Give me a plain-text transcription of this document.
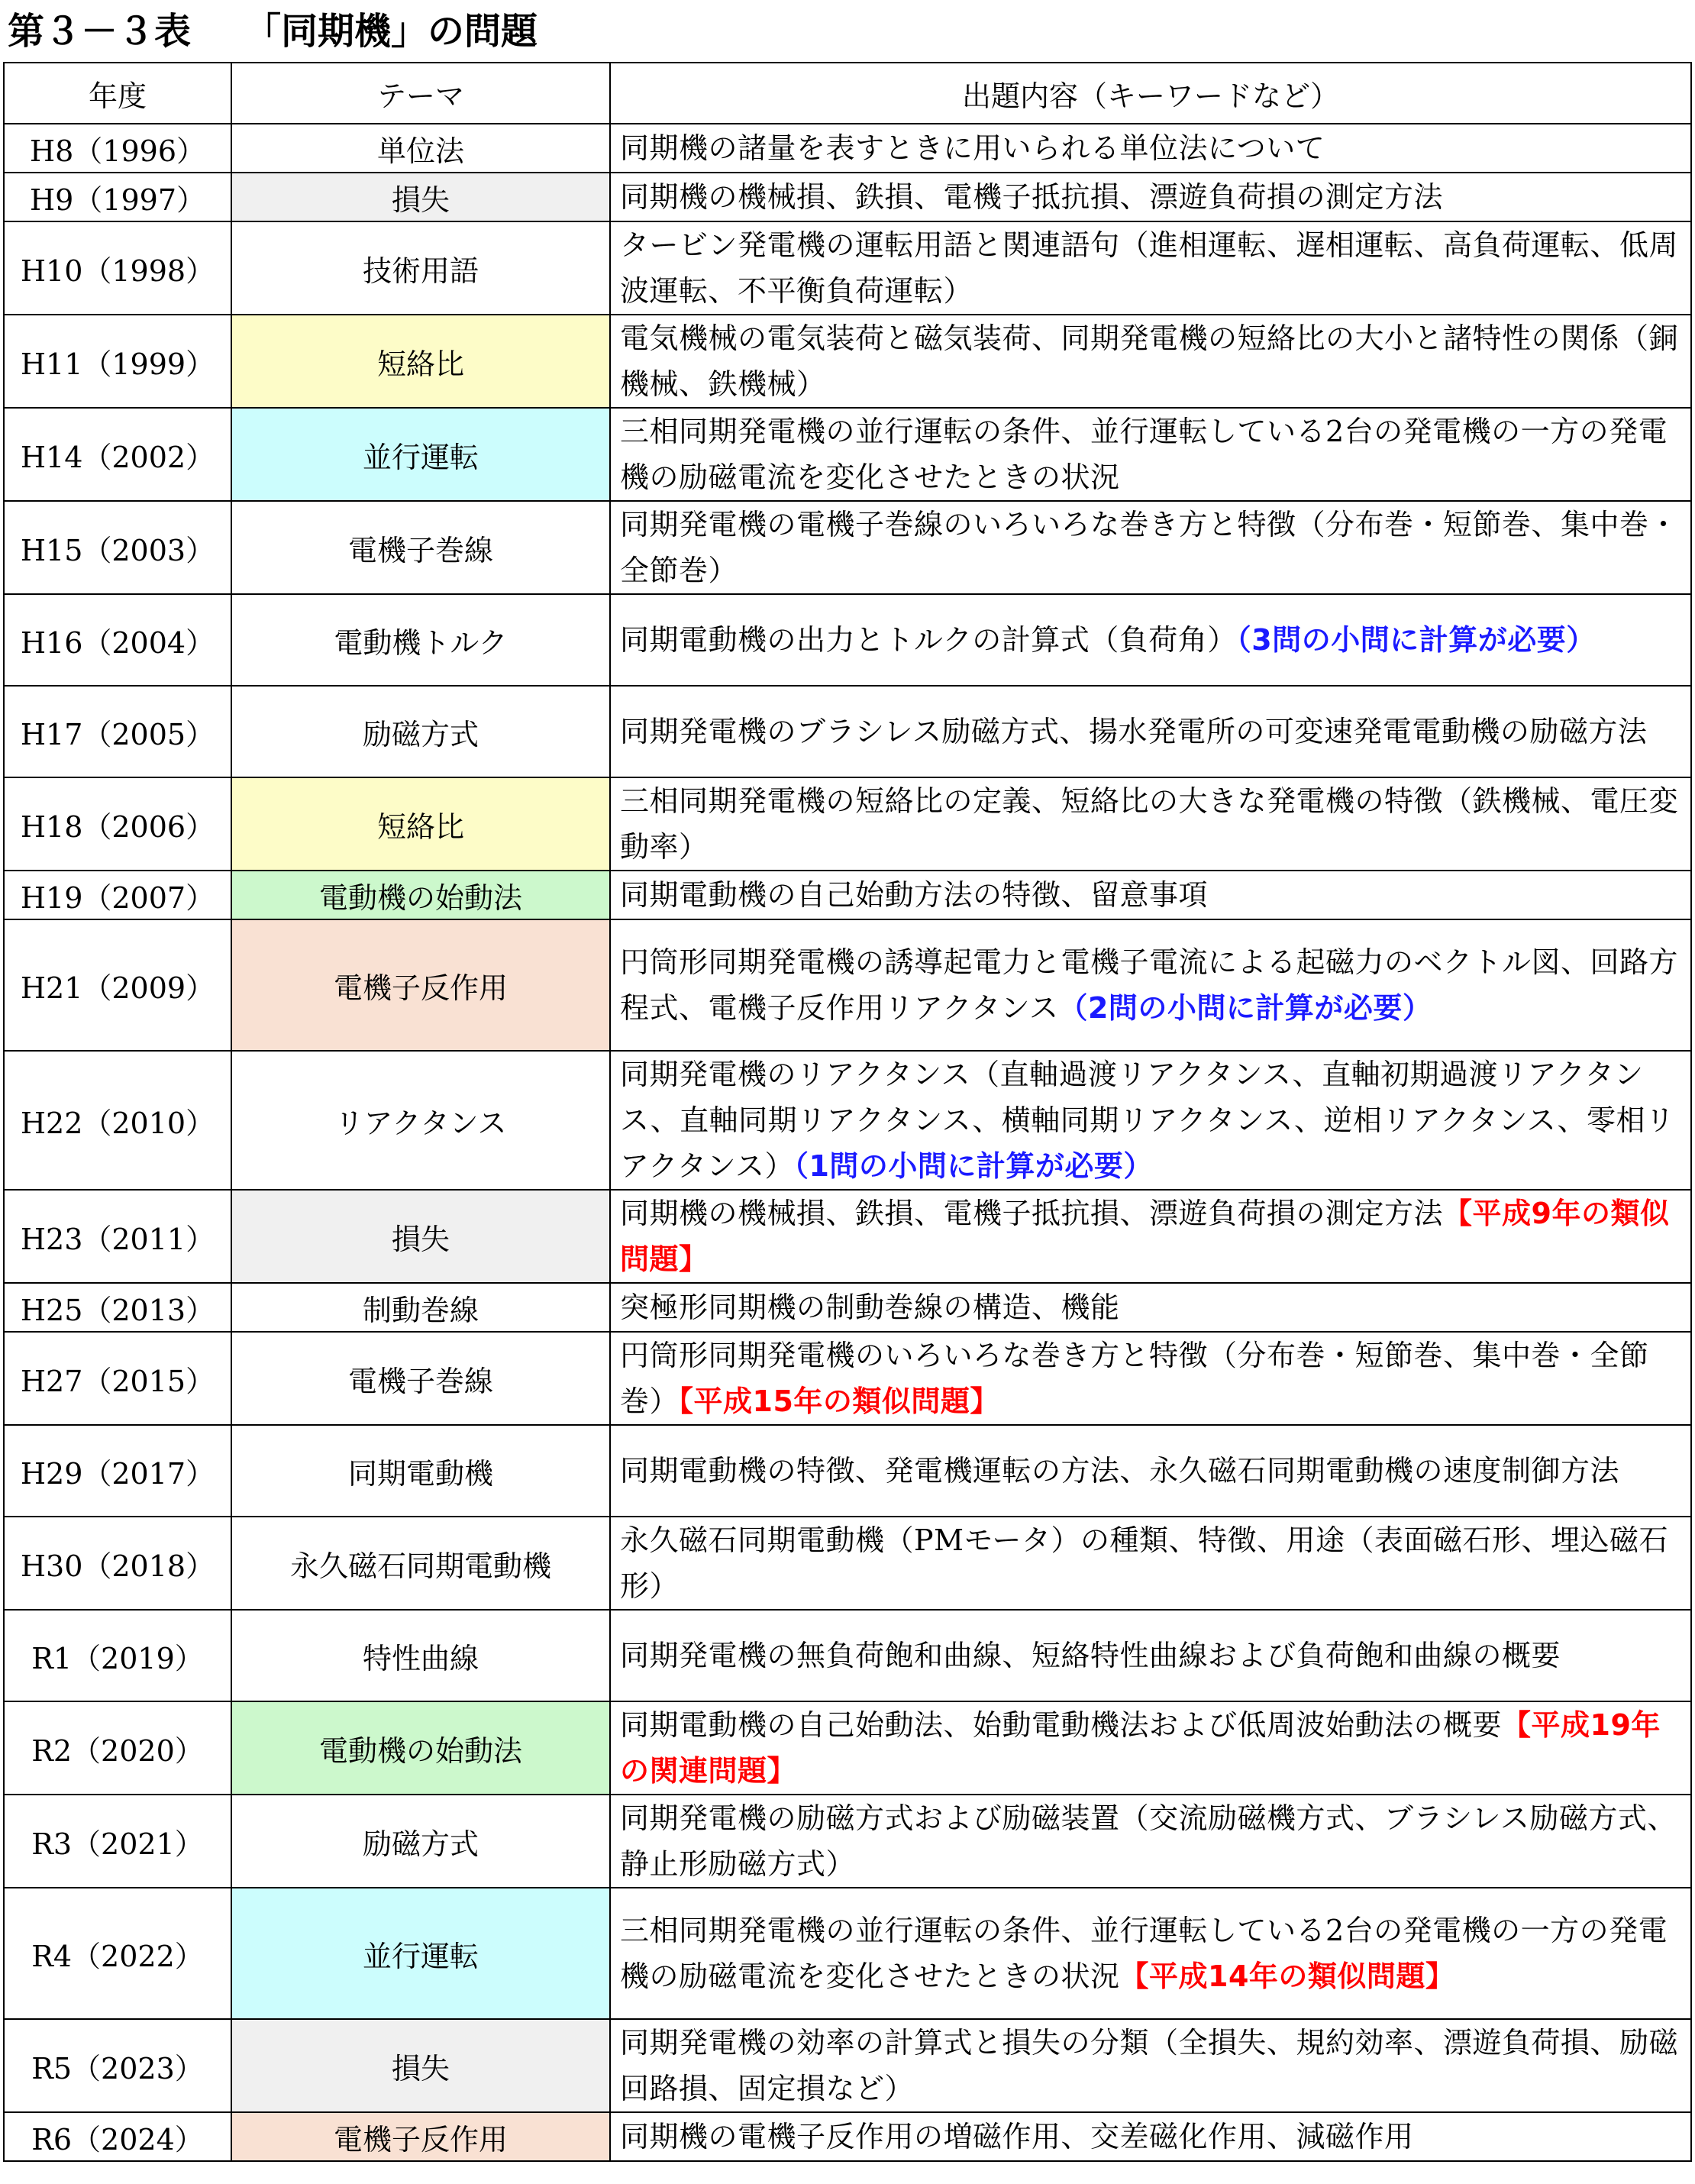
第３－３表 「同期機」の問題
年度	テーマ	出題内容（キーワードなど）
H8（1996）	単位法	同期機の諸量を表すときに用いられる単位法について
H9（1997）	損失	同期機の機械損、鉄損、電機子抵抗損、漂遊負荷損の測定方法
H10（1998）	技術用語	タービン発電機の運転用語と関連語句（進相運転、遅相運転、高負荷運転、低周波運転、不平衡負荷運転）
H11（1999）	短絡比	電気機械の電気装荷と磁気装荷、同期発電機の短絡比の大小と諸特性の関係（銅機械、鉄機械）
H14（2002）	並行運転	三相同期発電機の並行運転の条件、並行運転している2台の発電機の一方の発電機の励磁電流を変化させたときの状況
H15（2003）	電機子巻線	同期発電機の電機子巻線のいろいろな巻き方と特徴（分布巻・短節巻、集中巻・全節巻）
H16（2004）	電動機トルク	同期電動機の出力とトルクの計算式（負荷角）（3問の小問に計算が必要）
H17（2005）	励磁方式	同期発電機のブラシレス励磁方式、揚水発電所の可変速発電電動機の励磁方法
H18（2006）	短絡比	三相同期発電機の短絡比の定義、短絡比の大きな発電機の特徴（鉄機械、電圧変動率）
H19（2007）	電動機の始動法	同期電動機の自己始動方法の特徴、留意事項
H21（2009）	電機子反作用	円筒形同期発電機の誘導起電力と電機子電流による起磁力のベクトル図、回路方程式、電機子反作用リアクタンス（2問の小問に計算が必要）
H22（2010）	リアクタンス	同期発電機のリアクタンス（直軸過渡リアクタンス、直軸初期過渡リアクタンス、直軸同期リアクタンス、横軸同期リアクタンス、逆相リアクタンス、零相リアクタンス）（1問の小問に計算が必要）
H23（2011）	損失	同期機の機械損、鉄損、電機子抵抗損、漂遊負荷損の測定方法【平成9年の類似問題】
H25（2013）	制動巻線	突極形同期機の制動巻線の構造、機能
H27（2015）	電機子巻線	円筒形同期発電機のいろいろな巻き方と特徴（分布巻・短節巻、集中巻・全節巻）【平成15年の類似問題】
H29（2017）	同期電動機	同期電動機の特徴、発電機運転の方法、永久磁石同期電動機の速度制御方法
H30（2018）	永久磁石同期電動機	永久磁石同期電動機（PMモータ）の種類、特徴、用途（表面磁石形、埋込磁石形）
R1（2019）	特性曲線	同期発電機の無負荷飽和曲線、短絡特性曲線および負荷飽和曲線の概要
R2（2020）	電動機の始動法	同期電動機の自己始動法、始動電動機法および低周波始動法の概要【平成19年の関連問題】
R3（2021）	励磁方式	同期発電機の励磁方式および励磁装置（交流励磁機方式、ブラシレス励磁方式、静止形励磁方式）
R4（2022）	並行運転	三相同期発電機の並行運転の条件、並行運転している2台の発電機の一方の発電機の励磁電流を変化させたときの状況【平成14年の類似問題】
R5（2023）	損失	同期発電機の効率の計算式と損失の分類（全損失、規約効率、漂遊負荷損、励磁回路損、固定損など）
R6（2024）	電機子反作用	同期機の電機子反作用の増磁作用、交差磁化作用、減磁作用
